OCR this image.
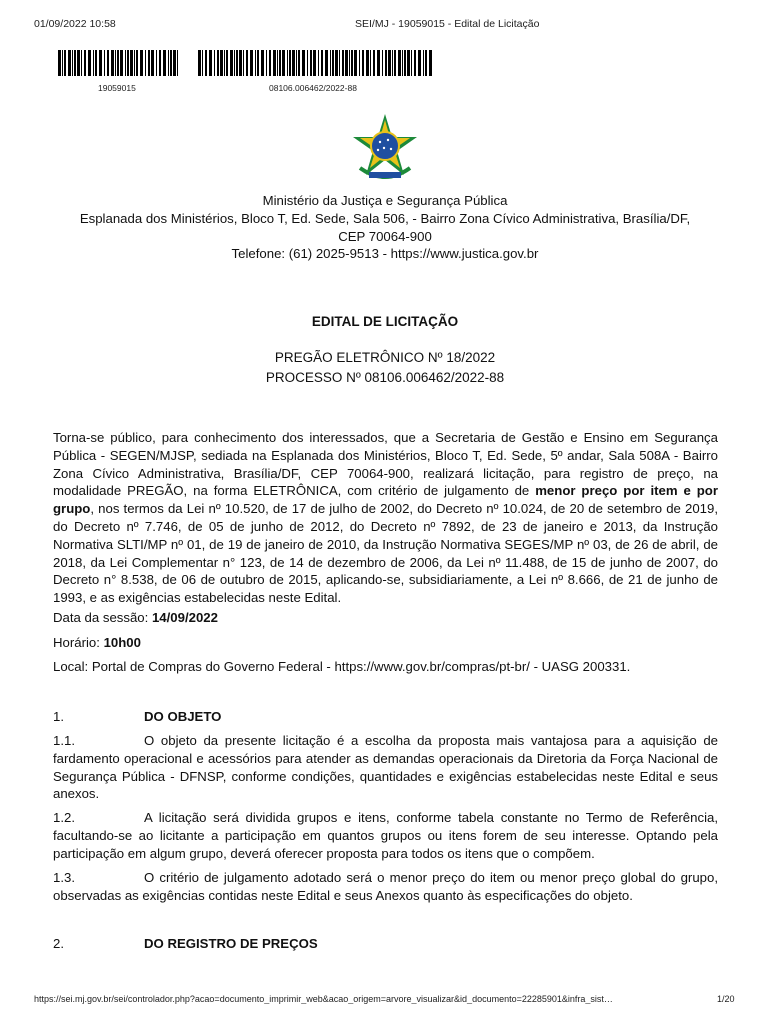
01/09/2022 10:58	SEI/MJ - 19059015 - Edital de Licitação
19059015	08106.006462/2022-88
Ministério da Justiça e Segurança Pública
Esplanada dos Ministérios, Bloco T, Ed. Sede, Sala 506, - Bairro Zona Cívico Administrativa, Brasília/DF,
CEP 70064-900
Telefone: (61) 2025-9513 - https://www.justica.gov.br
EDITAL DE LICITAÇÃO
PREGÃO ELETRÔNICO Nº 18/2022
PROCESSO Nº 08106.006462/2022-88
Torna-se público, para conhecimento dos interessados, que a Secretaria de Gestão e Ensino em Segurança Pública - SEGEN/MJSP, sediada na Esplanada dos Ministérios, Bloco T, Ed. Sede, 5º andar, Sala 508A - Bairro Zona Cívico Administrativa, Brasília/DF, CEP 70064-900, realizará licitação, para registro de preço, na modalidade PREGÃO, na forma ELETRÔNICA, com critério de julgamento de menor preço por item e por grupo, nos termos da Lei nº 10.520, de 17 de julho de 2002, do Decreto nº 10.024, de 20 de setembro de 2019, do Decreto nº 7.746, de 05 de junho de 2012, do Decreto nº 7892, de 23 de janeiro e 2013, da Instrução Normativa SLTI/MP nº 01, de 19 de janeiro de 2010, da Instrução Normativa SEGES/MP nº 03, de 26 de abril, de 2018, da Lei Complementar n° 123, de 14 de dezembro de 2006, da Lei nº 11.488, de 15 de junho de 2007, do Decreto n° 8.538, de 06 de outubro de 2015, aplicando-se, subsidiariamente, a Lei nº 8.666, de 21 de junho de 1993, e as exigências estabelecidas neste Edital.
Data da sessão: 14/09/2022
Horário: 10h00
Local: Portal de Compras do Governo Federal - https://www.gov.br/compras/pt-br/ - UASG 200331.
1.	DO OBJETO
1.1.	O objeto da presente licitação é a escolha da proposta mais vantajosa para a aquisição de fardamento operacional e acessórios para atender as demandas operacionais da Diretoria da Força Nacional de Segurança Pública - DFNSP, conforme condições, quantidades e exigências estabelecidas neste Edital e seus anexos.
1.2.	A licitação será dividida grupos e itens, conforme tabela constante no Termo de Referência, facultando-se ao licitante a participação em quantos grupos ou itens forem de seu interesse. Optando pela participação em algum grupo, deverá oferecer proposta para todos os itens que o compõem.
1.3.	O critério de julgamento adotado será o menor preço do item ou menor preço global do grupo, observadas as exigências contidas neste Edital e seus Anexos quanto às especificações do objeto.
2.	DO REGISTRO DE PREÇOS
https://sei.mj.gov.br/sei/controlador.php?acao=documento_imprimir_web&acao_origem=arvore_visualizar&id_documento=22285901&infra_sist…	1/20
